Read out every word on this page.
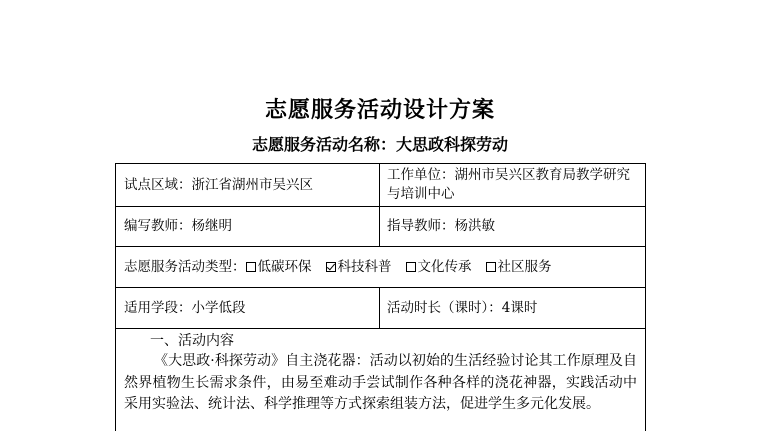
志愿服务活动设计方案
志愿服务活动名称：大思政科探劳动
试点区域：浙江省湖州市吴兴区
工作单位：湖州市吴兴区教育局教学研究与培训中心
编写教师：杨继明	指导教师：杨洪敏
志愿服务活动类型： 低碳环保 科技科普 文化传承 社区服务
适用学段：小学低段	活动时长（课时）：4课时
一、活动内容
《大思政·科探劳动》自主浇花器：活动以初始的生活经验讨论其工作原理及自然界植物生长需求条件，由易至难动手尝试制作各种各样的浇花神器，实践活动中采用实验法、统计法、科学推理等方式探索组装方法，促进学生多元化发展。
